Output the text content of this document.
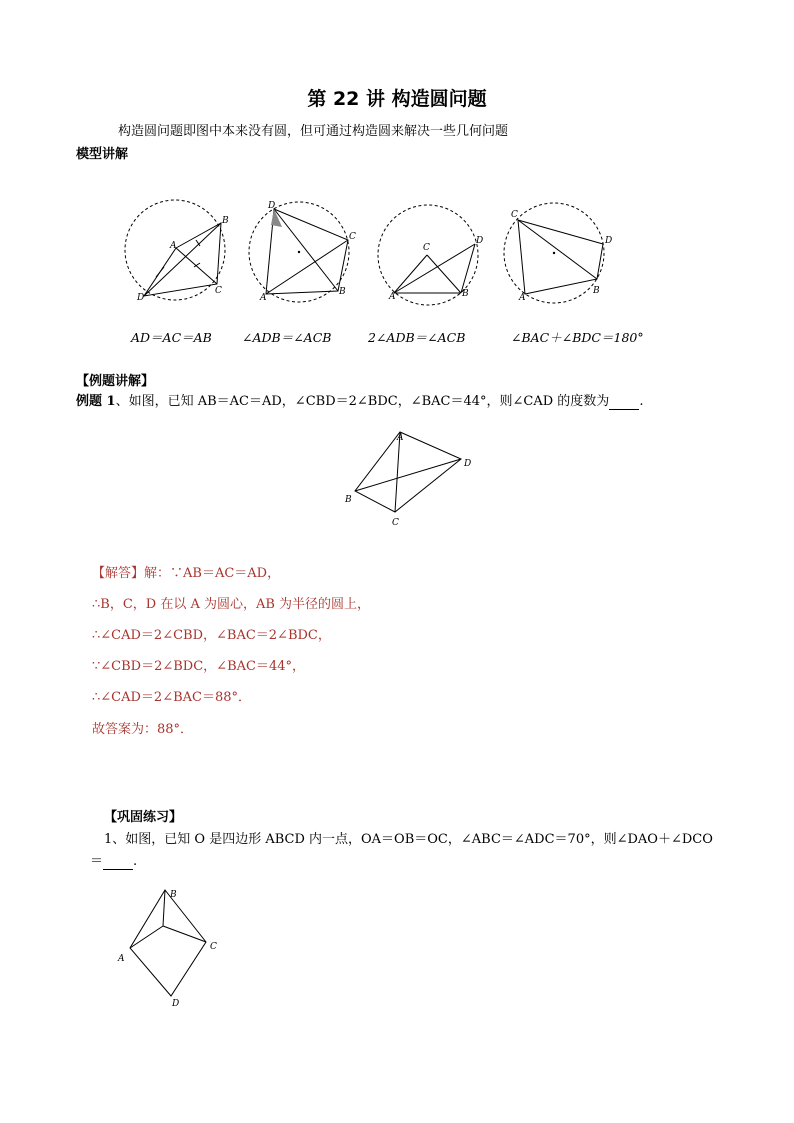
第 22 讲 构造圆问题
构造圆问题即图中本来没有圆，但可通过构造圆来解决一些几何问题
模型讲解
A
B
C
D
D
C
A
B
C
D
A	B
C
D
A
B
AD＝AC＝AB ∠ADB＝∠ACB	2∠ADB＝∠ACB	∠BAC＋∠BDC＝180°
【例题讲解】
例题 1、如图，已知 AB＝AC＝AD，∠CBD＝2∠BDC，∠BAC＝44°，则∠CAD 的度数为 .
A
D
B
C
【解答】解：∵AB＝AC＝AD，
∴B，C，D 在以 A 为圆心，AB 为半径的圆上，
∴∠CAD＝2∠CBD，∠BAC＝2∠BDC，
∵∠CBD＝2∠BDC，∠BAC＝44°，
∴∠CAD＝2∠BAC＝88°．
故答案为：88°．
【巩固练习】
1、如图，已知 O 是四边形 ABCD 内一点，OA＝OB＝OC，∠ABC＝∠ADC＝70°，则∠DAO＋∠DCO
＝ .
B
C
A
D
